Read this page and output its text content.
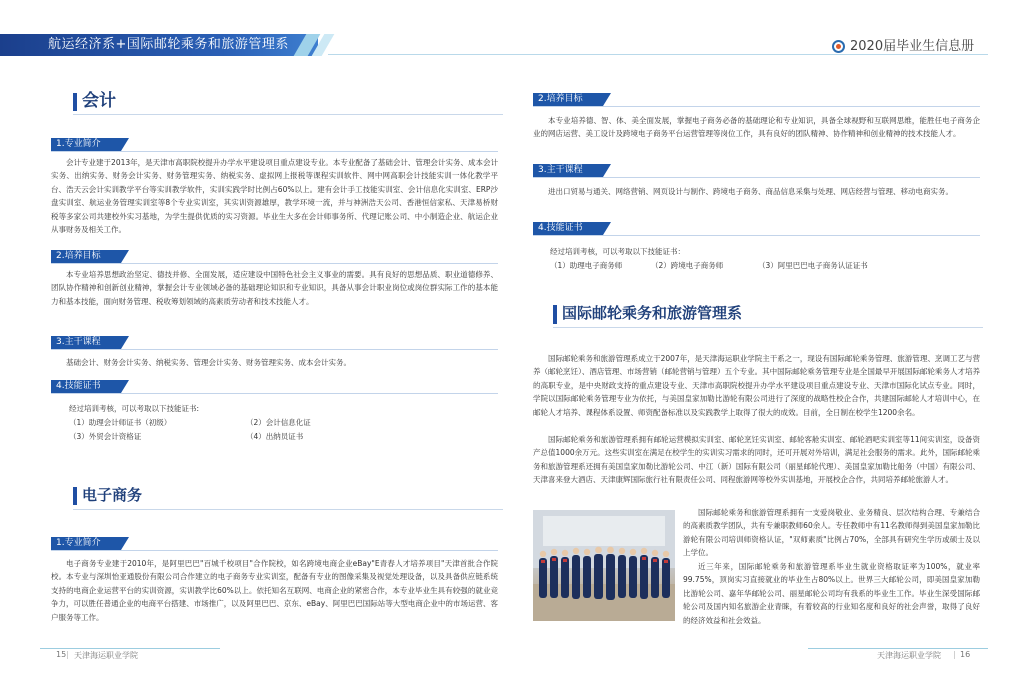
航运经济系+国际邮轮乘务和旅游管理系	2020届毕业生信息册
会计
1.专业简介
会计专业建于2013年，是天津市高职院校提升办学水平建设项目重点建设专业。本专业配备了基础会计、管理会计实务、成本会计实务、出纳实务、财务会计实务、财务管理实务、纳税实务、虚拟网上报税等课程实训软件、网中网高职会计技能实训一体化教学平台、浩天云会计实训教学平台等实训教学软件，实训实践学时比例占60%以上。建有会计手工技能实训室、会计信息化实训室、ERP沙盘实训室、航运业务管理实训室等8个专业实训室，其实训资源雄厚，教学环境一流，并与神洲浩天公司、香港恒信家私、天津易桥财税等多家公司共建校外实习基地，为学生提供优质的实习资源。毕业生大多在会计师事务所、代理记账公司、中小制造企业、航运企业从事财务及相关工作。
2.培养目标
本专业培养思想政治坚定、德技并修、全面发展，适应建设中国特色社会主义事业的需要。具有良好的思想品质、职业道德修养、团队协作精神和创新创业精神，掌握会计专业领域必备的基础理论知识和专业知识，具备从事会计职业岗位或岗位群实际工作的基本能力和基本技能，面向财务管理、税收筹划领域的高素质劳动者和技术技能人才。
3.主干课程
基础会计、财务会计实务、纳税实务、管理会计实务、财务管理实务、成本会计实务。
4.技能证书
经过培训考核，可以考取以下技能证书:
（1）助理会计师证书（初级）	（2）会计信息化证
（3）外贸会计资格证	（4）出纳员证书
电子商务
1.专业简介
电子商务专业建于2010年，是阿里巴巴"百城千校项目"合作院校，如名跨境电商企业eBay"E青春人才培养项目"天津首批合作院校。本专业与深圳怡亚通股份有限公司合作建立的电子商务专业实训室，配备有专业的图像采集及视觉处理设备，以及具备供应链系统支持的电商企业运营平台的实训资源，实训教学比60%以上。依托知名互联网、电商企业的紧密合作，本专业毕业生具有较强的就业竞争力，可以胜任普通企业的电商平台搭建、市场推广，以及阿里巴巴、京东、eBay、阿里巴巴国际站等大型电商企业中的市场运营、客户服务等工作。
2.培养目标
本专业培养德、智、体、美全面发展，掌握电子商务必备的基础理论和专业知识，具备全球视野和互联网思维，能胜任电子商务企业的网店运营、美工设计及跨境电子商务平台运营管理等岗位工作，具有良好的团队精神、协作精神和创业精神的技术技能人才。
3.主干课程
进出口贸易与通关、网络营销、网页设计与制作、跨境电子商务、商品信息采集与处理、网店经营与管理、移动电商实务。
4.技能证书
经过培训考核，可以考取以下技能证书：
（1）助理电子商务师	（2）跨境电子商务师	（3）阿里巴巴电子商务认证证书
国际邮轮乘务和旅游管理系
国际邮轮乘务和旅游管理系成立于2007年，是天津海运职业学院主干系之一，现设有国际邮轮乘务管理、旅游管理、烹调工艺与营养（邮轮烹饪）、酒店管理、市场营销（邮轮营销与管理）五个专业。其中国际邮轮乘务管理专业是全国最早开展国际邮轮乘务人才培养的高职专业，是中央财政支持的重点建设专业、天津市高职院校提升办学水平建设项目重点建设专业、天津市国际化试点专业。同时，学院以国际邮轮乘务管理专业为依托，与美国皇家加勒比游轮有限公司进行了深度的战略性校企合作，共建国际邮轮人才培训中心，在邮轮人才培养、课程体系设置、师资配备标准以及实践教学上取得了很大的成效。目前，全日制在校学生1200余名。
国际邮轮乘务和旅游管理系拥有邮轮运营模拟实训室、邮轮烹饪实训室、邮轮客舱实训室、邮轮酒吧实训室等11间实训室，设备资产总值1000余万元。这些实训室在满足在校学生的实训实习需求的同时，还可开展对外培训，满足社会服务的需求。此外，国际邮轮乘务和旅游管理系还拥有美国皇家加勒比游轮公司、中江（新）国际有限公司（丽星邮轮代理）、美国皇家加勒比船务（中国）有限公司、天津喜来登大酒店、天津康辉国际旅行社有限责任公司、同程旅游网等校外实训基地，开展校企合作，共同培养邮轮旅游人才。
国际邮轮乘务和旅游管理系拥有一支爱岗敬业、业务精良、层次结构合理、专兼结合的高素质教学团队，共有专兼职教师60余人。专任教师中有11名教师得到美国皇家加勒比游轮有限公司培训师资格认证，"双师素质"比例占70%，全部具有研究生学历或硕士及以上学位。
近三年来，国际邮轮乘务和旅游管理系毕业生就业资格取证率为100%，就业率99.75%，顶岗实习直接就业的毕业生占80%以上。世界三大邮轮公司，即美国皇家加勒比游轮公司、嘉年华邮轮公司、丽星邮轮公司均有我系的毕业生工作。毕业生深受国际邮轮公司及国内知名旅游企业青睐，有着较高的行业知名度和良好的社会声誉，取得了良好的经济效益和社会效益。
15 | 天津海运职业学院	天津海运职业学院 | 16
